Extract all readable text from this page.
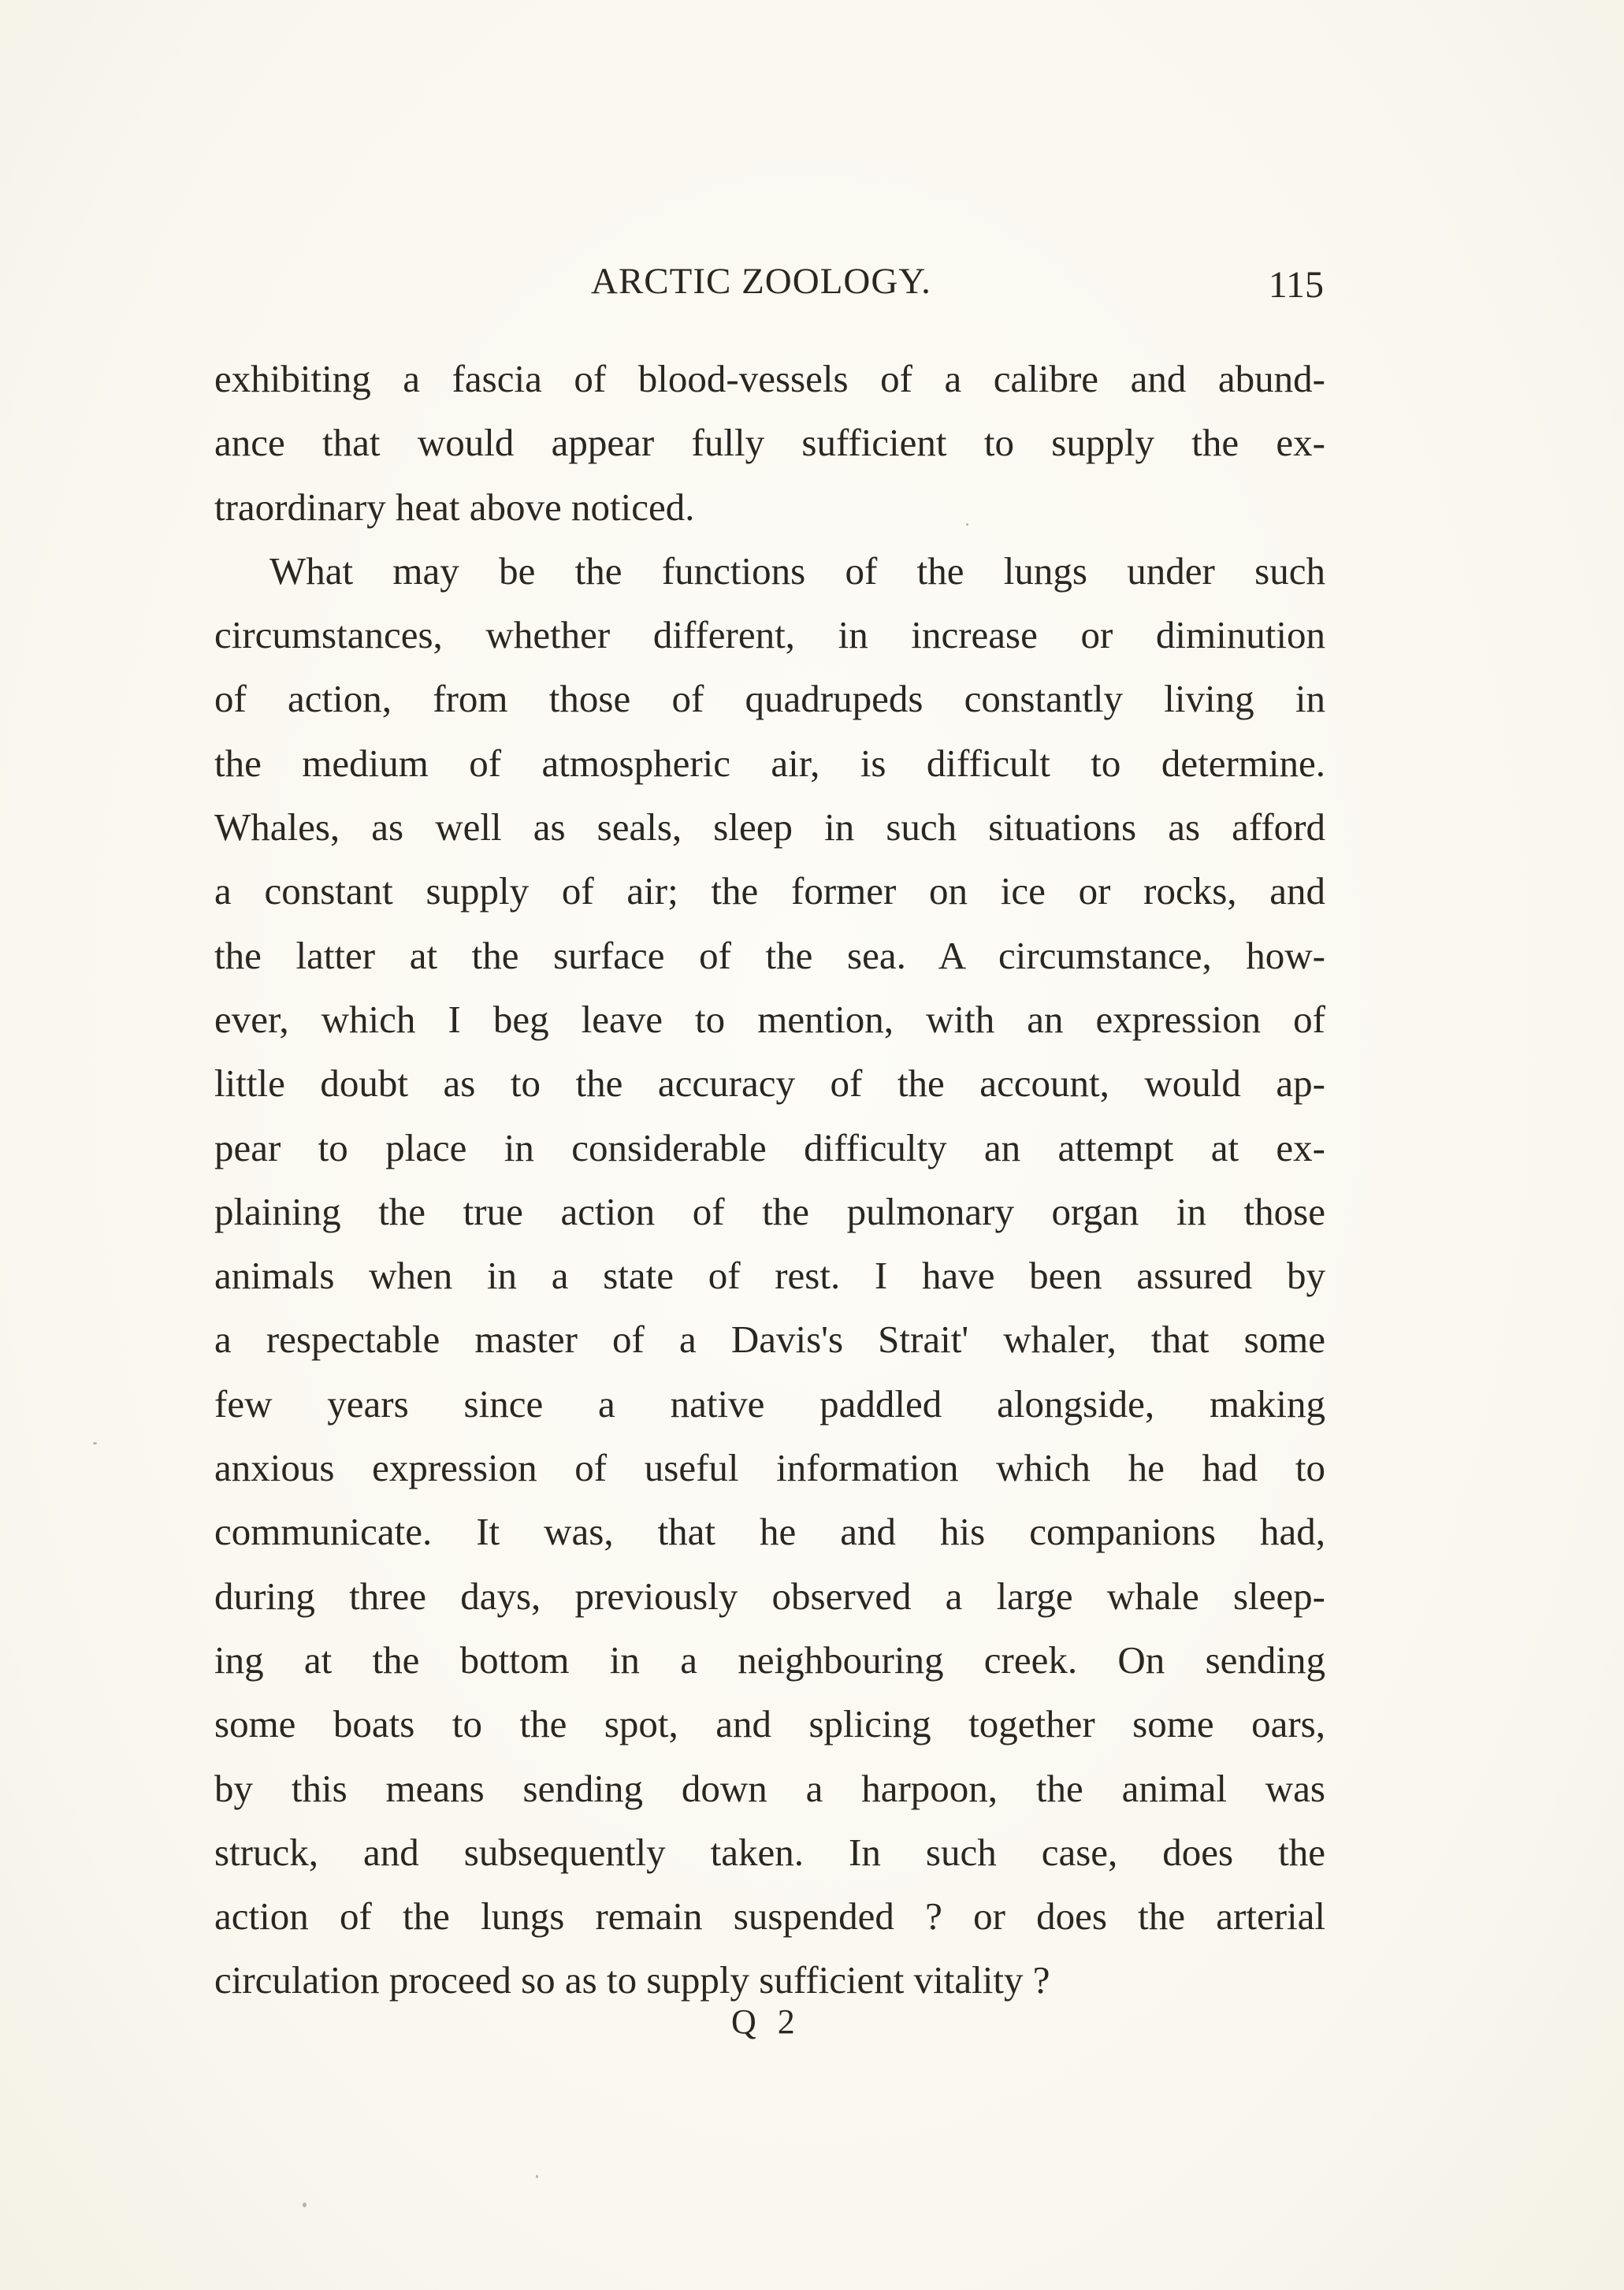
ARCTIC ZOOLOGY.	115
exhibiting a fascia of blood-vessels of a calibre and abund-
ance that would appear fully sufficient to supply the ex-
traordinary heat above noticed.
What may be the functions of the lungs under such
circumstances, whether different, in increase or diminution
of action, from those of quadrupeds constantly living in
the medium of atmospheric air, is difficult to determine.
Whales, as well as seals, sleep in such situations as afford
a constant supply of air; the former on ice or rocks, and
the latter at the surface of the sea. A circumstance, how-
ever, which I beg leave to mention, with an expression of
little doubt as to the accuracy of the account, would ap-
pear to place in considerable difficulty an attempt at ex-
plaining the true action of the pulmonary organ in those
animals when in a state of rest. I have been assured by
a respectable master of a Davis's Strait' whaler, that some
few years since a native paddled alongside, making
anxious expression of useful information which he had to
communicate. It was, that he and his companions had,
during three days, previously observed a large whale sleep-
ing at the bottom in a neighbouring creek. On sending
some boats to the spot, and splicing together some oars,
by this means sending down a harpoon, the animal was
struck, and subsequently taken. In such case, does the
action of the lungs remain suspended ? or does the arterial
circulation proceed so as to supply sufficient vitality ?
Q 2
